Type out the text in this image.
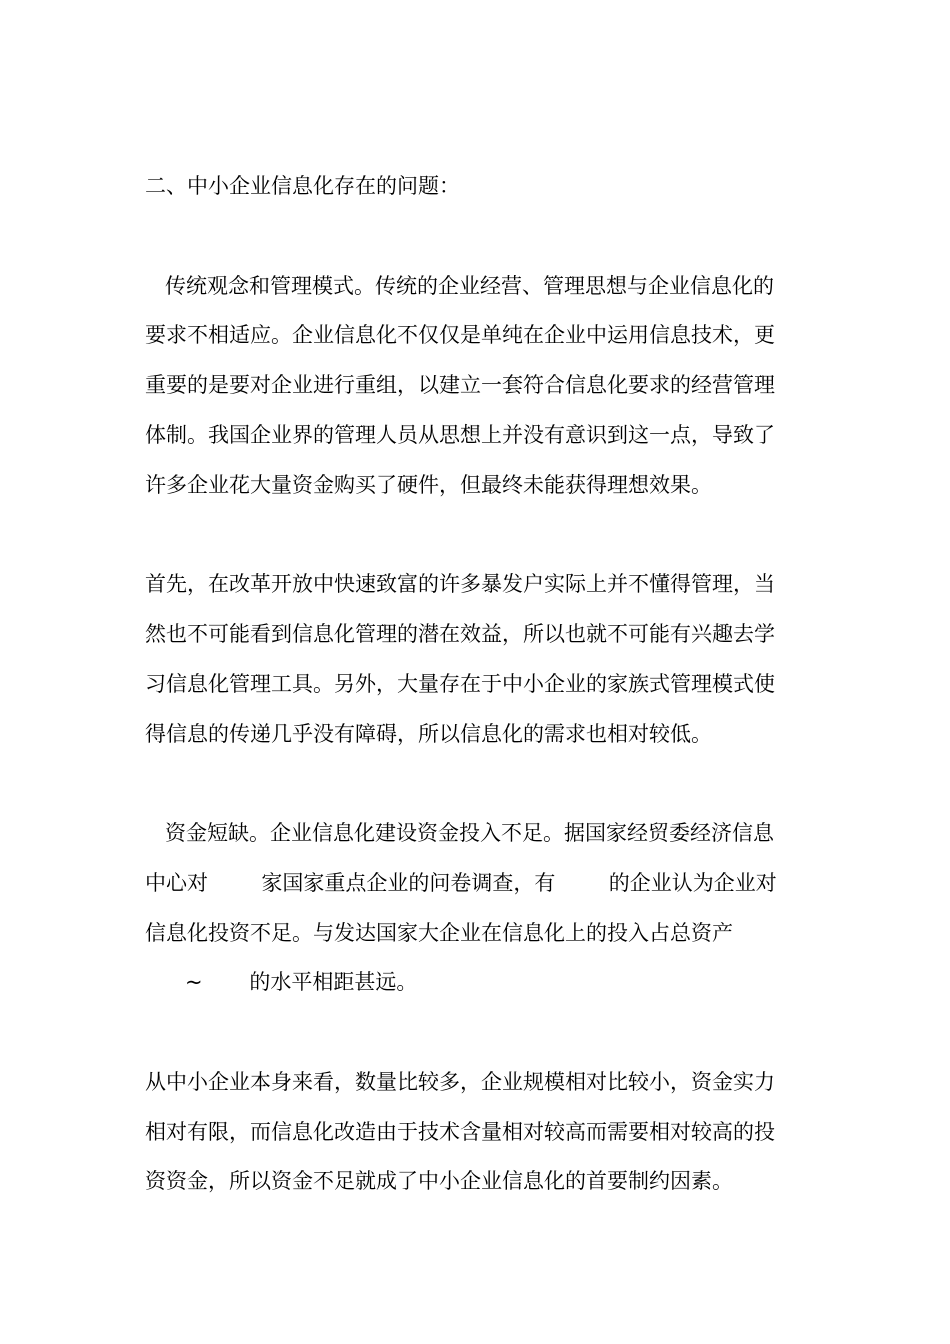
二、中小企业信息化存在的问题：
传统观念和管理模式。传统的企业经营、管理思想与企业信息化的
要求不相适应。企业信息化不仅仅是单纯在企业中运用信息技术，更
重要的是要对企业进行重组，以建立一套符合信息化要求的经营管理
体制。我国企业界的管理人员从思想上并没有意识到这一点，导致了
许多企业花大量资金购买了硬件，但最终未能获得理想效果。
首先，在改革开放中快速致富的许多暴发户实际上并不懂得管理，当
然也不可能看到信息化管理的潜在效益，所以也就不可能有兴趣去学
习信息化管理工具。另外，大量存在于中小企业的家族式管理模式使
得信息的传递几乎没有障碍，所以信息化的需求也相对较低。
资金短缺。企业信息化建设资金投入不足。据国家经贸委经济信息
中心对        家国家重点企业的问卷调查，有        的企业认为企业对
信息化投资不足。与发达国家大企业在信息化上的投入占总资产
~       的水平相距甚远。
从中小企业本身来看，数量比较多，企业规模相对比较小，资金实力
相对有限，而信息化改造由于技术含量相对较高而需要相对较高的投
资资金，所以资金不足就成了中小企业信息化的首要制约因素。
